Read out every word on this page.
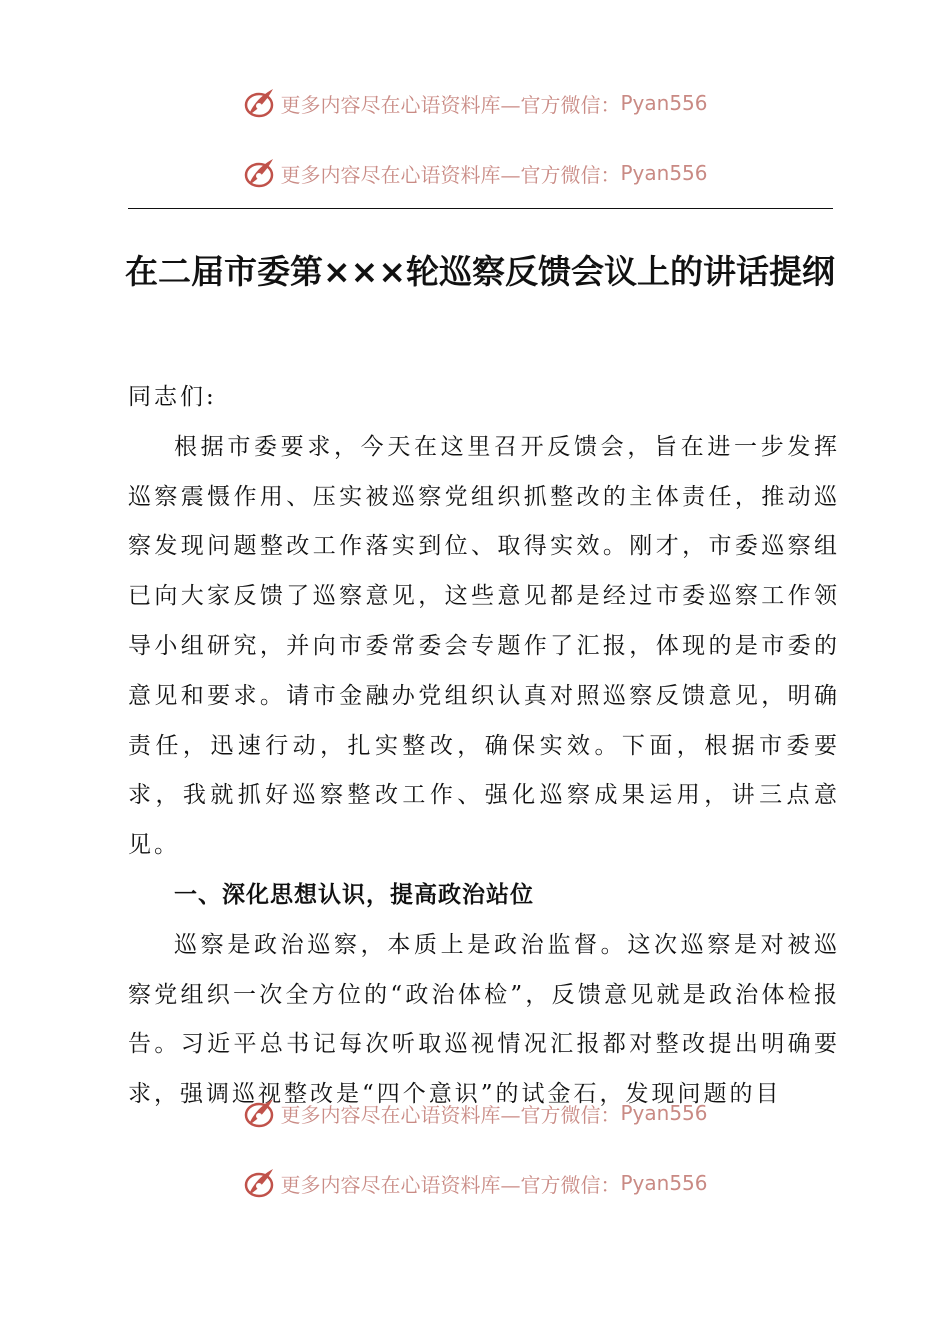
更多内容尽在心语资料库—官方微信： Pyan556
更多内容尽在心语资料库—官方微信： Pyan556
在二届市委第×××轮巡察反馈会议上的讲话提纲

同志们:

根据市委要求，今天在这里召开反馈会，旨在进一步发挥巡察震慑作用、压实被巡察党组织抓整改的主体责任，推动巡察发现问题整改工作落实到位、取得实效。刚才，市委巡察组已向大家反馈了巡察意见，这些意见都是经过市委巡察工作领导小组研究，并向市委常委会专题作了汇报，体现的是市委的意见和要求。请市金融办党组织认真对照巡察反馈意见，明确责任，迅速行动，扎实整改，确保实效。下面，根据市委要求，我就抓好巡察整改工作、强化巡察成果运用，讲三点意见。

一、深化思想认识，提高政治站位

巡察是政治巡察，本质上是政治监督。这次巡察是对被巡察党组织一次全方位的“政治体检”，反馈意见就是政治体检报告。习近平总书记每次听取巡视情况汇报都对整改提出明确要求，强调巡视整改是“四个意识”的试金石，发现问题的目

更多内容尽在心语资料库—官方微信： Pyan556
更多内容尽在心语资料库—官方微信： Pyan556
